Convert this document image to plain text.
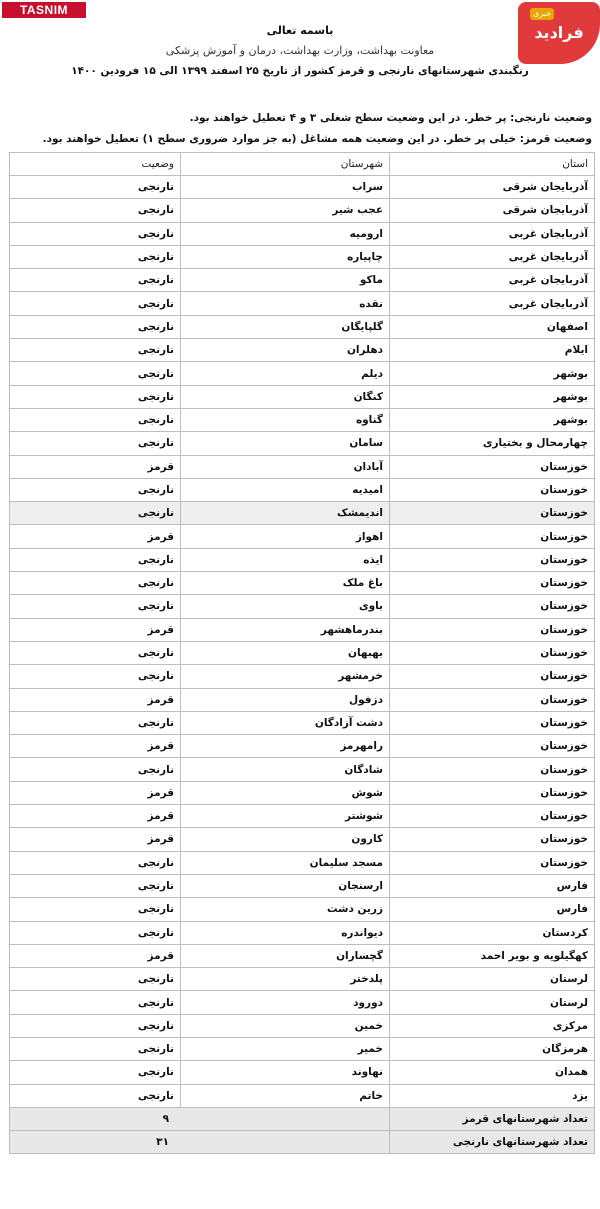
TASNIM
فرادید
خبری
باسمه تعالی
معاونت بهداشت، وزارت بهداشت، درمان و آموزش پزشکی
رنگبندی شهرستانهای نارنجی و قرمز کشور از تاریخ ۲۵ اسفند ۱۳۹۹ الی ۱۵ فرودین ۱۴۰۰
وضعیت نارنجی: پر خطر. در این وضعیت سطح شغلی ۳ و ۴ تعطیل خواهند بود.
وضعیت قرمز: خیلی پر خطر. در این وضعیت همه مشاغل (به جز موارد ضروری سطح ۱) تعطیل خواهند بود.
استان	شهرستان	وضعیت
آذربایجان شرقی	سراب	نارنجی
آذربایجان شرقی	عجب شیر	نارنجی
آذربایجان غربی	ارومیه	نارنجی
آذربایجان غربی	چاپیاره	نارنجی
آذربایجان غربی	ماکو	نارنجی
آذربایجان غربی	نقده	نارنجی
اصفهان	گلپایگان	نارنجی
ایلام	دهلران	نارنجی
بوشهر	دیلم	نارنجی
بوشهر	کنگان	نارنجی
بوشهر	گناوه	نارنجی
چهارمحال و بختیاری	سامان	نارنجی
خوزستان	آبادان	قرمز
خوزستان	امیدیه	نارنجی
خوزستان	اندیمشک	نارنجی
خوزستان	اهواز	قرمز
خوزستان	ایذه	نارنجی
خوزستان	باغ ملک	نارنجی
خوزستان	باوی	نارنجی
خوزستان	بندرماهشهر	قرمز
خوزستان	بهبهان	نارنجی
خوزستان	خرمشهر	نارنجی
خوزستان	دزفول	قرمز
خوزستان	دشت آزادگان	نارنجی
خوزستان	رامهرمز	قرمز
خوزستان	شادگان	نارنجی
خوزستان	شوش	قرمز
خوزستان	شوشتر	قرمز
خوزستان	کارون	قرمز
خوزستان	مسجد سلیمان	نارنجی
فارس	ارسنجان	نارنجی
فارس	زرین دشت	نارنجی
کردستان	دیواندره	نارنجی
کهگیلویه و بویر احمد	گچساران	قرمز
لرستان	پلدختر	نارنجی
لرستان	دورود	نارنجی
مرکزی	خمین	نارنجی
هرمزگان	خمیر	نارنجی
همدان	نهاوند	نارنجی
یزد	خاتم	نارنجی
تعداد شهرستانهای قرمز	۹	
تعداد شهرستانهای نارنجی	۳۱	
